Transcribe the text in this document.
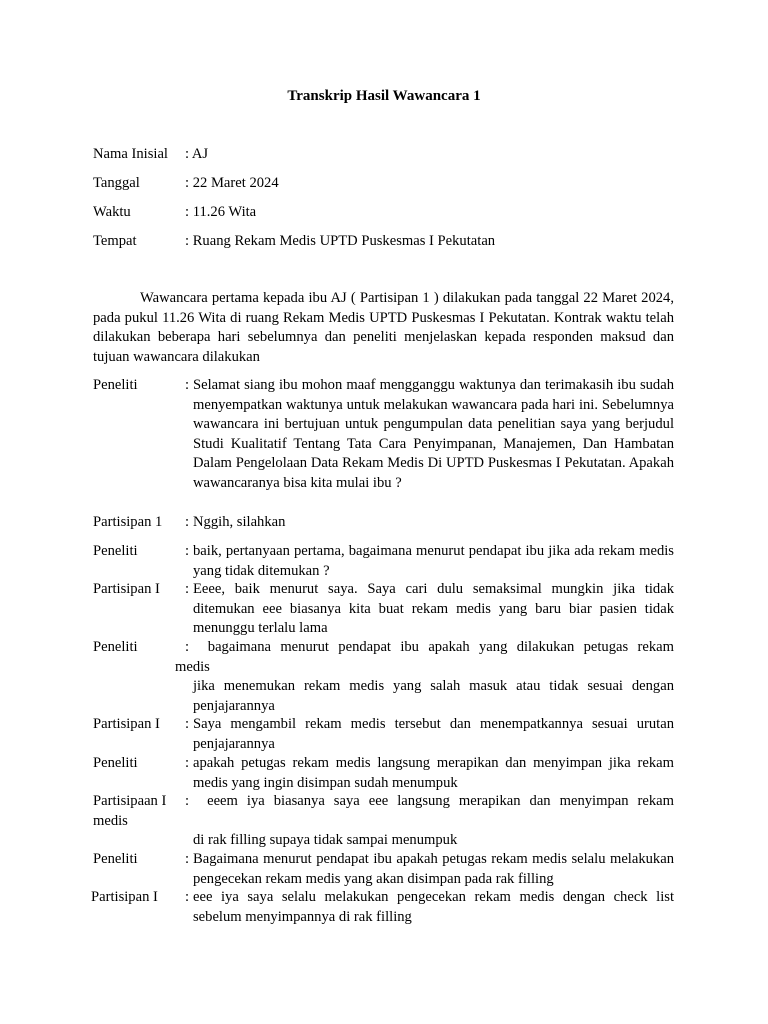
Transkrip Hasil Wawancara 1
Nama Inisial : AJ
Tanggal	: 22 Maret 2024
Waktu	: 11.26 Wita
Tempat	: Ruang Rekam Medis UPTD Puskesmas I Pekutatan
Wawancara pertama kepada ibu AJ ( Partisipan 1 ) dilakukan pada tanggal 22 Maret 2024, pada pukul 11.26 Wita di ruang Rekam Medis UPTD Puskesmas I Pekutatan. Kontrak waktu telah dilakukan beberapa hari sebelumnya dan peneliti menjelaskan kepada responden maksud dan tujuan wawancara dilakukan
Peneliti	: Selamat siang ibu mohon maaf mengganggu waktunya dan terimakasih ibu sudah menyempatkan waktunya untuk melakukan wawancara pada hari ini. Sebelumnya wawancara ini bertujuan untuk pengumpulan data penelitian saya yang berjudul Studi Kualitatif Tentang Tata Cara Penyimpanan, Manajemen, Dan Hambatan Dalam Pengelolaan Data Rekam Medis Di UPTD Puskesmas I Pekutatan. Apakah wawancaranya bisa kita mulai ibu ?
Partisipan 1 : Nggih, silahkan
Peneliti	: baik, pertanyaan pertama, bagaimana menurut pendapat ibu jika ada rekam medis yang tidak ditemukan ?
Partisipan I : Eeee, baik menurut saya. Saya cari dulu semaksimal mungkin jika tidak ditemukan eee biasanya kita buat rekam medis yang baru biar pasien tidak menunggu terlalu lama
Peneliti	:  bagaimana menurut pendapat ibu apakah yang dilakukan petugas rekam
medis
jika menemukan rekam medis yang salah masuk atau tidak sesuai dengan penjajarannya
Partisipan I : Saya mengambil rekam medis tersebut dan menempatkannya sesuai urutan penjajarannya
Peneliti	: apakah petugas rekam medis langsung merapikan dan menyimpan jika rekam medis yang ingin disimpan sudah menumpuk
Partisipaan I :  eeem iya biasanya saya eee langsung merapikan dan menyimpan rekam
medis
di rak filling supaya tidak sampai menumpuk
Peneliti	: Bagaimana menurut pendapat ibu apakah petugas rekam medis selalu melakukan pengecekan rekam medis yang akan disimpan pada rak filling
Partisipan I : eee iya saya selalu melakukan pengecekan rekam medis dengan check list sebelum menyimpannya di rak filling
